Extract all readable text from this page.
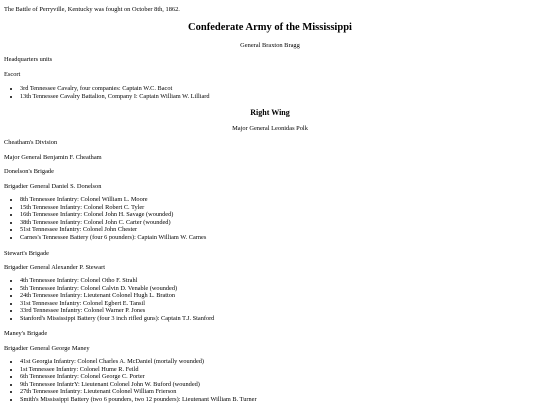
The Battle of Perryville, Kentucky was fought on October 8th, 1862.

Confederate Army of the Mississippi

General Braxton Bragg

Headquarters units

Escort

• 3rd Tennessee Cavalry, four companies: Captain W.C. Bacot
• 13th Tennessee Cavalry Battalion, Company I: Captain William W. Lilliard

Right Wing

Major General Leonidas Polk

Cheatham's Division

Major General Benjamin F. Cheatham

Donelson's Brigade

Brigadier General Daniel S. Donelson

• 8th Tennessee Infantry: Colonel William L. Moore
• 15th Tennessee Infantry: Colonel Robert C. Tyler
• 16th Tennessee Infantry: Colonel John H. Savage (wounded)
• 38th Tennessee Infantry: Colonel John C. Carter (wounded)
• 51st Tennessee Infantry: Colonel John Chester
• Carnes's Tennessee Battery (four 6 pounders): Captain William W. Carnes

Stewart's Brigade

Brigadier General Alexander P. Stewart

• 4th Tennessee Infantry: Colonel Otho F. Strahl
• 5th Tennessee Infantry: Colonel Calvin D. Venable (wounded)
• 24th Tennessee Infantry: Lieutenant Colonel Hugh L. Bratton
• 31st Tennessee Infantry: Colonel Egbert E. Tansil
• 33rd Tennessee Infantry: Colonel Warner P. Jones
• Stanford's Mississippi Battery (four 3 inch rifled guns): Captain T.J. Stanford

Maney's Brigade

Brigadier General George Maney

• 41st Georgia Infantry: Colonel Charles A. McDaniel (mortally wounded)
• 1st Tennessee Infantry: Colonel Hume R. Feild
• 6th Tennessee Infantry: Colonel George C. Porter
• 9th Tennessee InfantrY: Lieutenant Colonel John W. Buford (wounded)
• 27th Tennessee Infantry: Lieutenant Colonel William Frierson
• Smith's Mississippi Battery (two 6 pounders, two 12 pounders): Lieutenant William B. Turner
